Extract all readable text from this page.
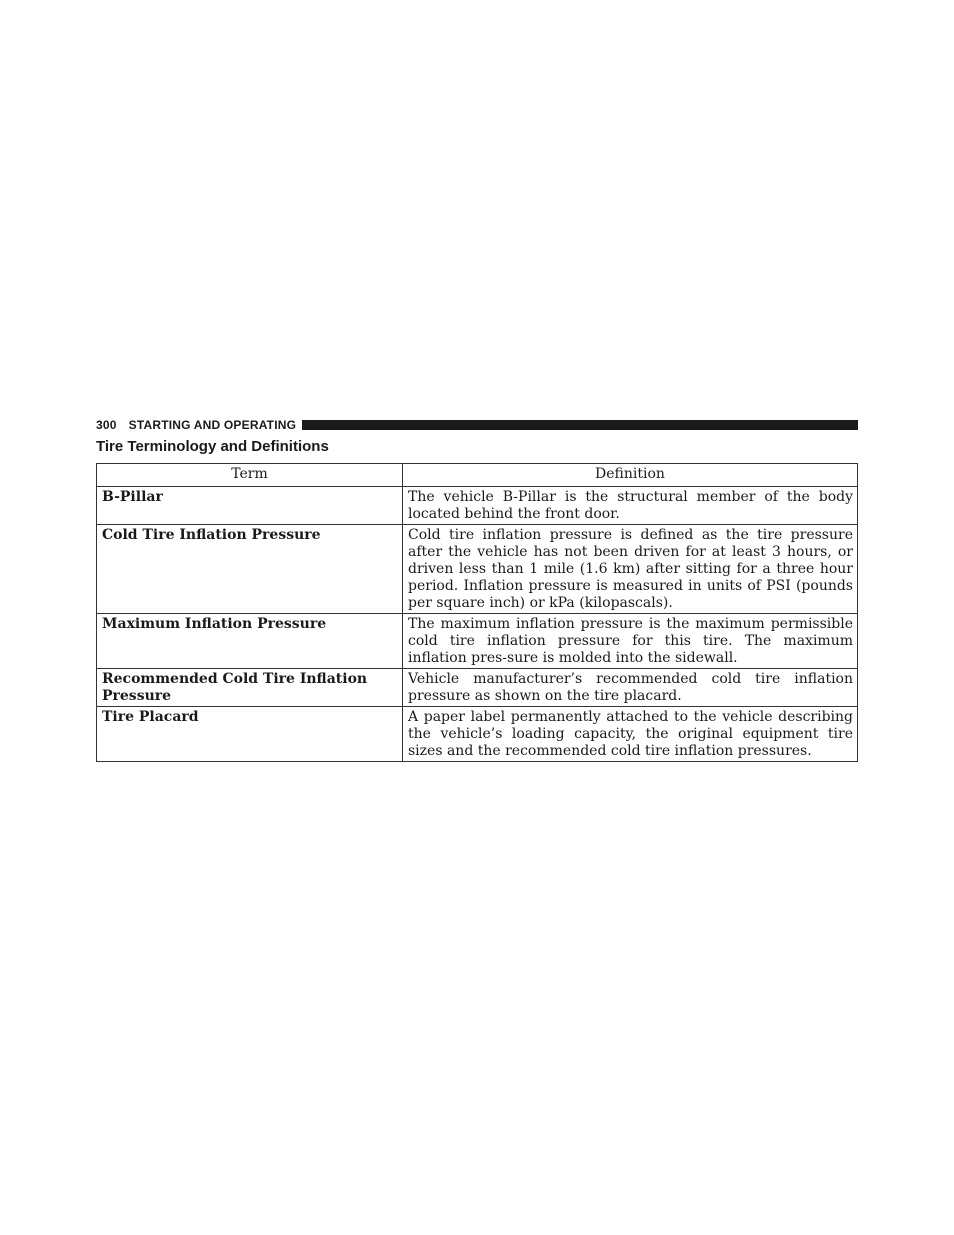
300 STARTING AND OPERATING
Tire Terminology and Definitions
Term	Definition
B-Pillar	The vehicle B-Pillar is the structural member of the body located behind the front door.
Cold Tire Inflation Pressure	Cold tire inflation pressure is defined as the tire pressure after the vehicle has not been driven for at least 3 hours, or driven less than 1 mile (1.6 km) after sitting for a three hour period. Inflation pressure is measured in units of PSI (pounds per square inch) or kPa (kilopascals).
Maximum Inflation Pressure	The maximum inflation pressure is the maximum permissible cold tire inflation pressure for this tire. The maximum inflation pres-sure is molded into the sidewall.
Recommended Cold Tire Inflation Pressure	Vehicle manufacturer’s recommended cold tire inflation pressure as shown on the tire placard.
Tire Placard	A paper label permanently attached to the vehicle describing the vehicle’s loading capacity, the original equipment tire sizes and the recommended cold tire inflation pressures.
